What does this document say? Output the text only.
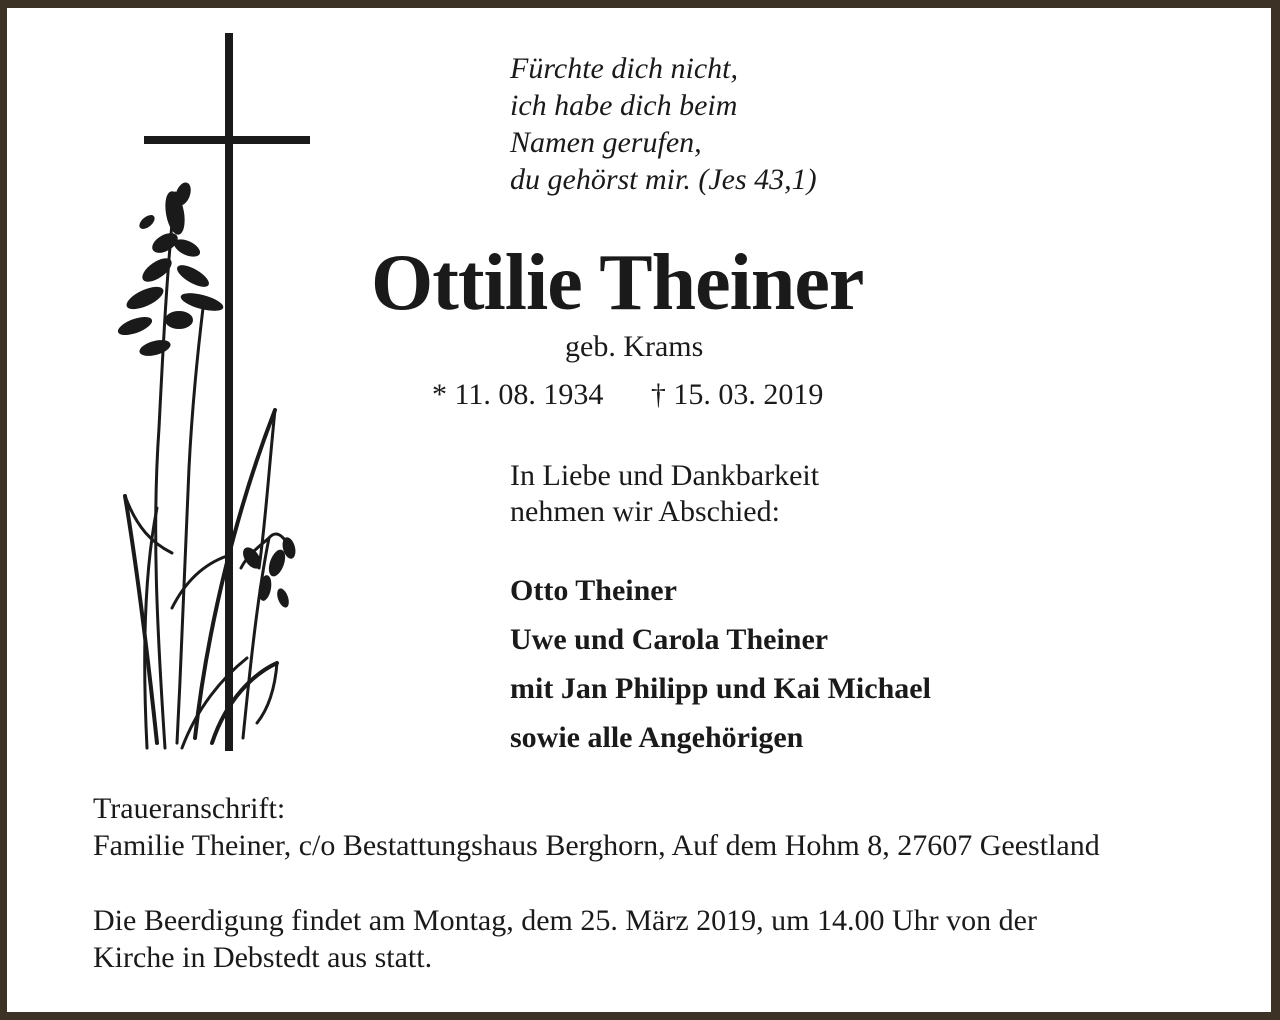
Fürchte dich nicht,
ich habe dich beim
Namen gerufen,
du gehörst mir. (Jes 43,1)
Ottilie Theiner
geb. Krams
* 11. 08. 1934 † 15. 03. 2019
In Liebe und Dankbarkeit
nehmen wir Abschied:
Otto Theiner
Uwe und Carola Theiner
mit Jan Philipp und Kai Michael
sowie alle Angehörigen
Traueranschrift:
Familie Theiner, c/o Bestattungshaus Berghorn, Auf dem Hohm 8, 27607 Geestland
Die Beerdigung findet am Montag, dem 25. März 2019, um 14.00 Uhr von der
Kirche in Debstedt aus statt.
